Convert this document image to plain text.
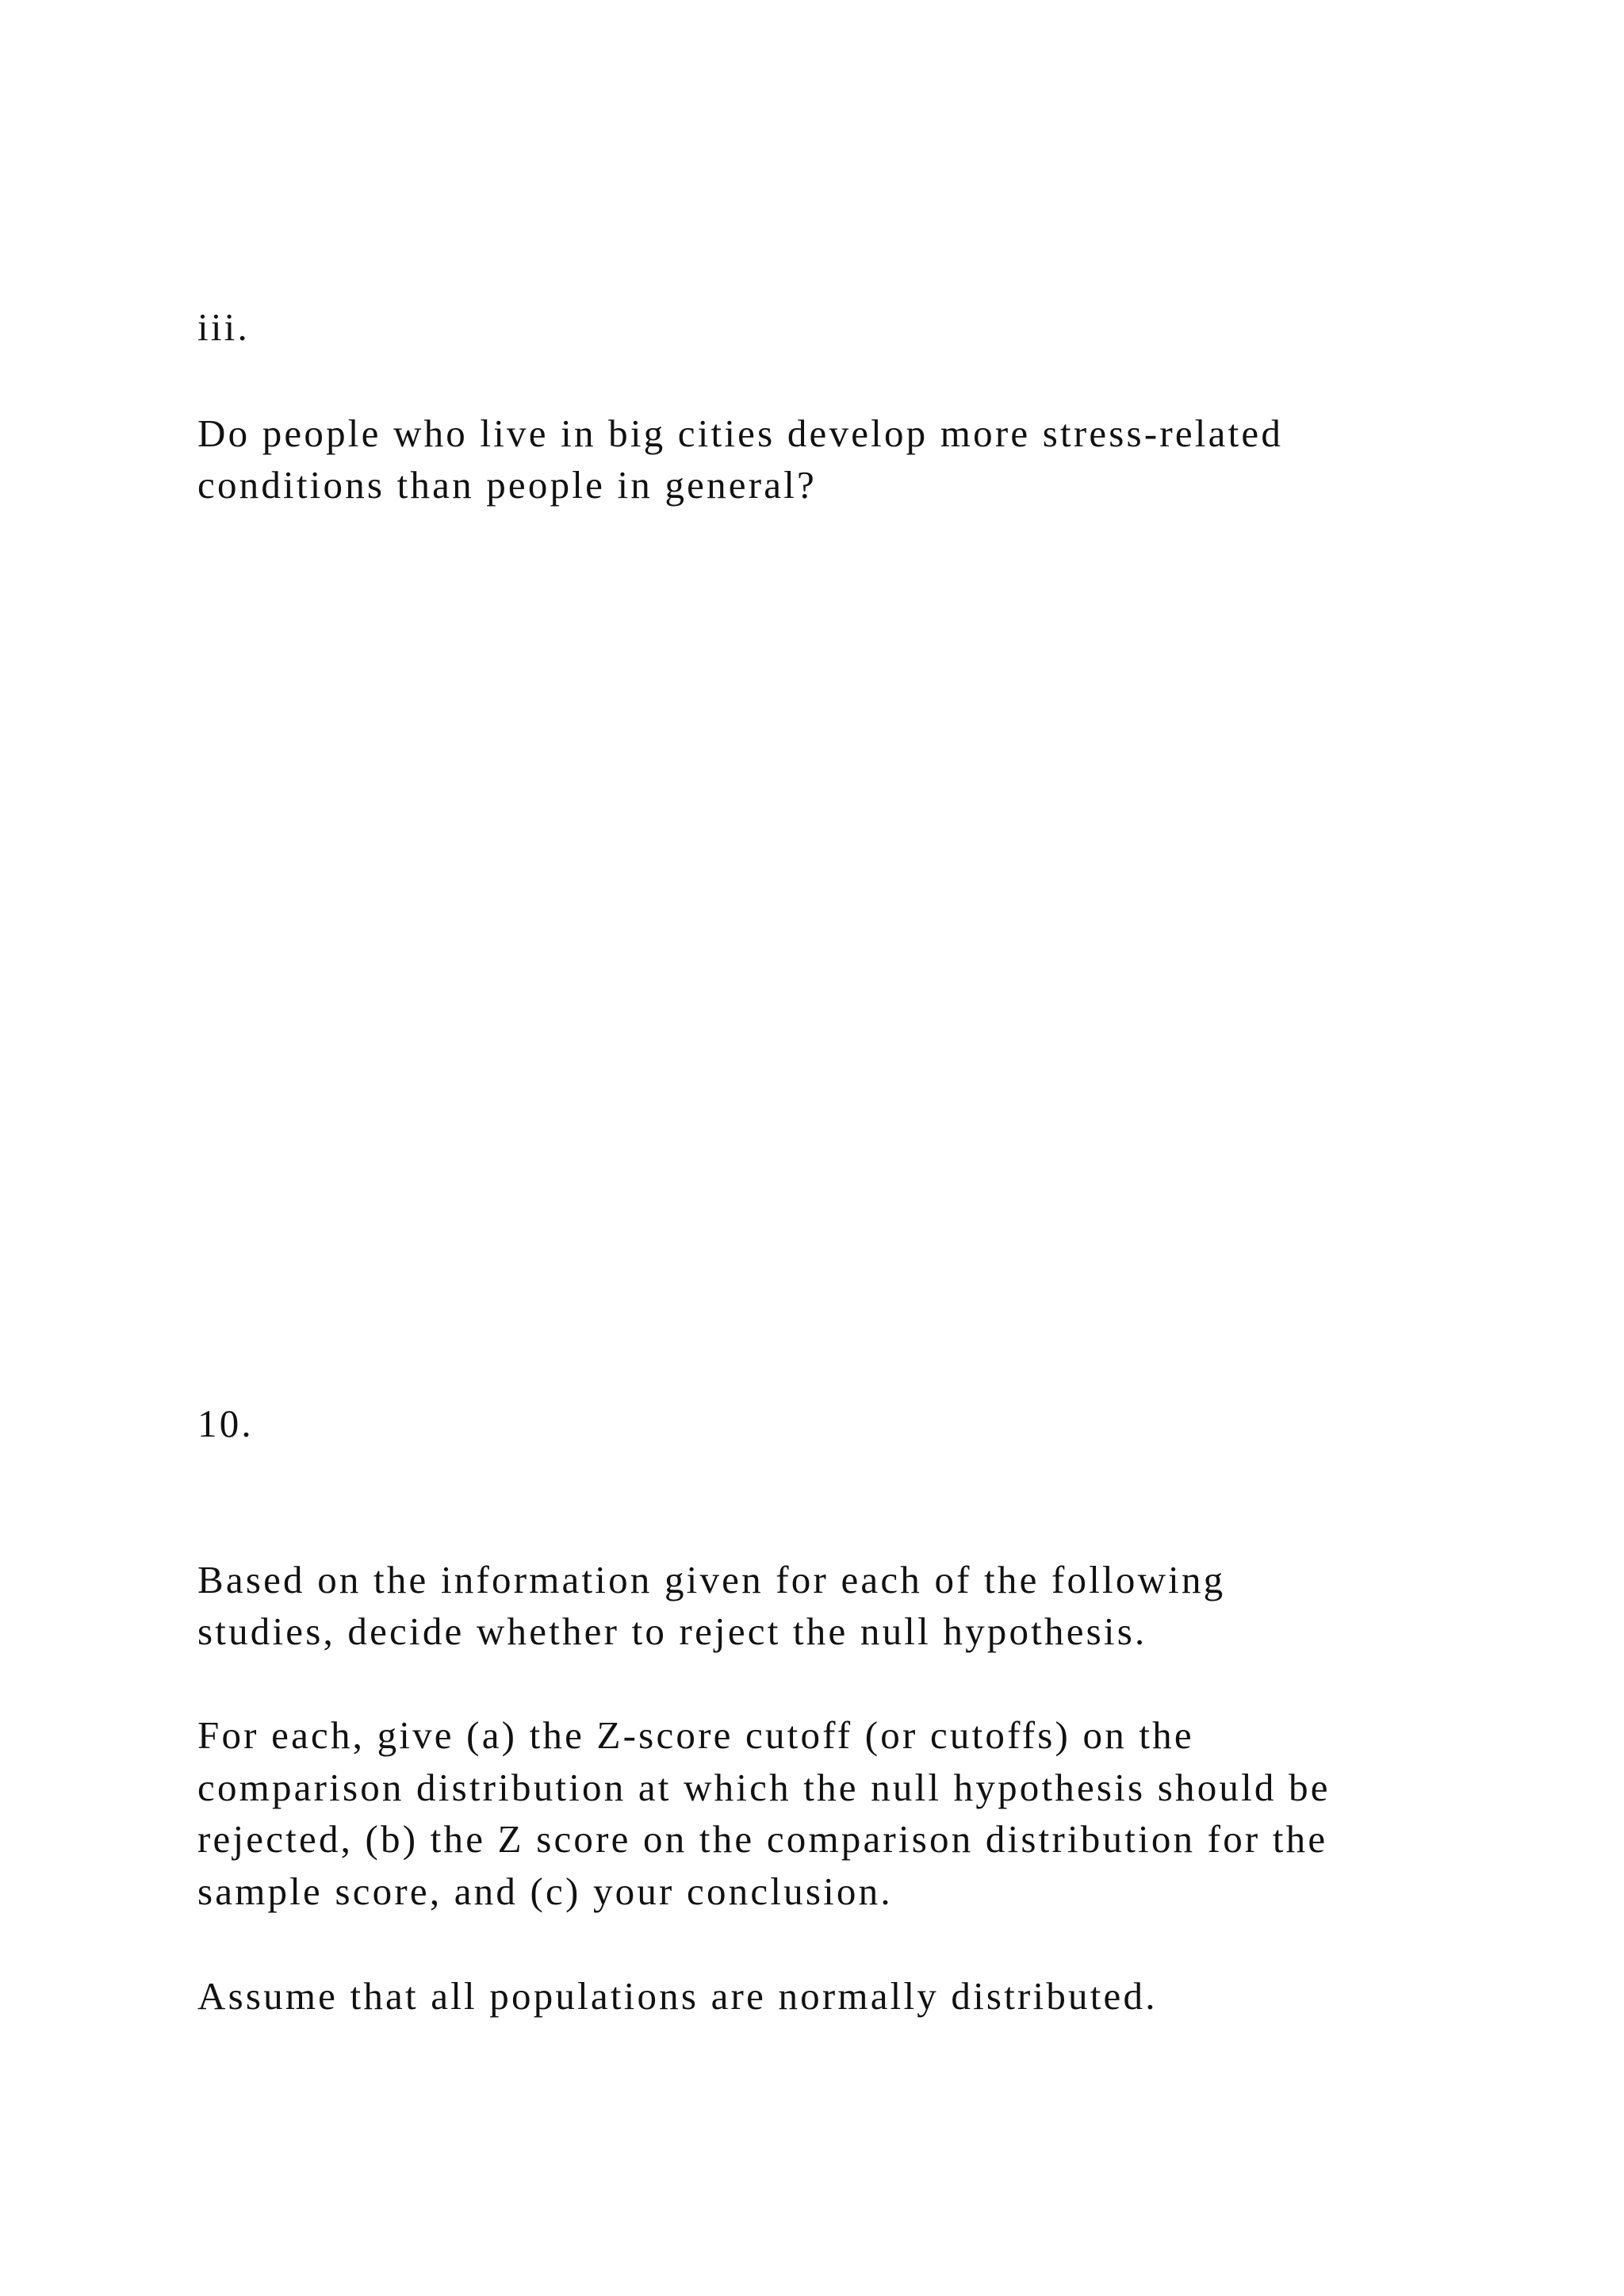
iii.

Do people who live in big cities develop more stress-related

conditions than people in general?

10.

Based on the information given for each of the following

studies, decide whether to reject the null hypothesis.

For each, give (a) the Z-score cutoff (or cutoffs) on the

comparison distribution at which the null hypothesis should be

rejected, (b) the Z score on the comparison distribution for the

sample score, and (c) your conclusion.

Assume that all populations are normally distributed.
